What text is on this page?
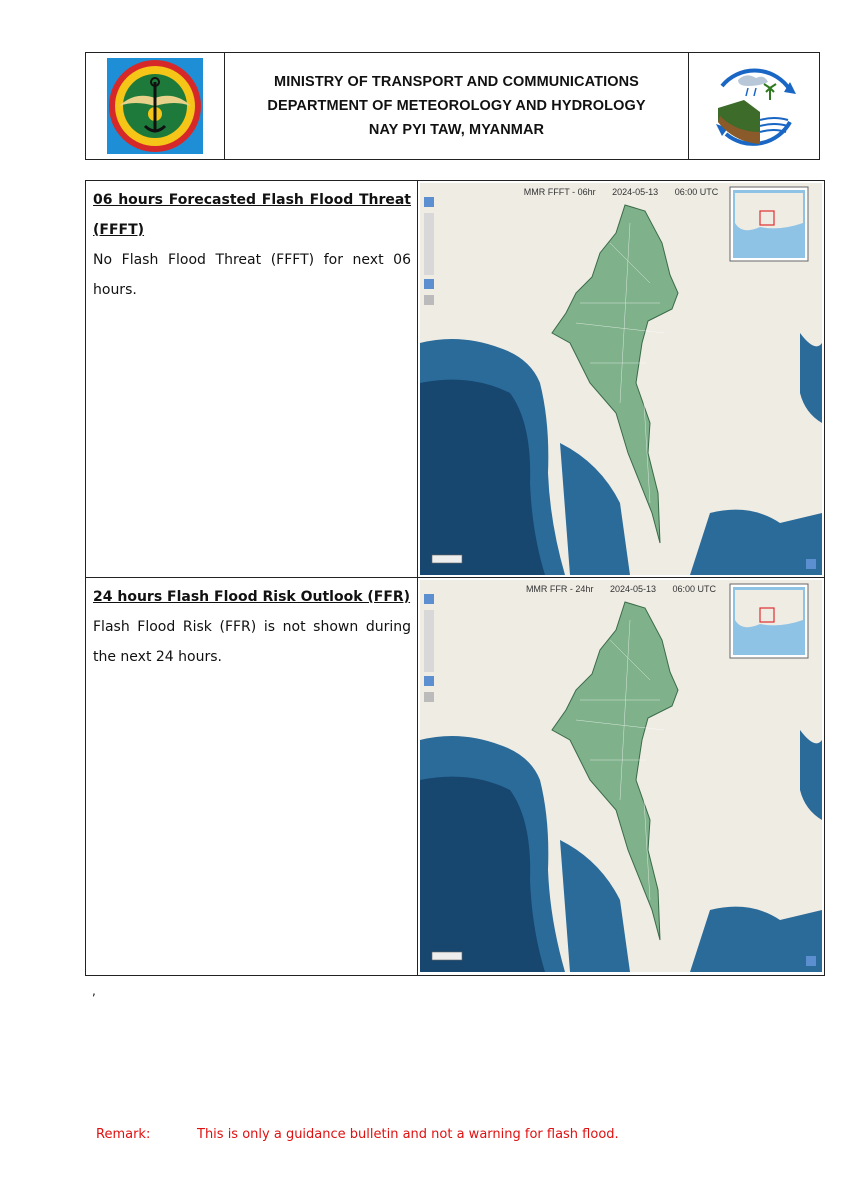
MINISTRY OF TRANSPORT AND COMMUNICATIONS
DEPARTMENT OF METEOROLOGY AND HYDROLOGY
NAY PYI TAW, MYANMAR
06 hours Forecasted Flash Flood Threat (FFFT)
No Flash Flood Threat (FFFT) for next 06 hours.
MMR FFFT - 06hr 2024-05-13 06:00 UTC
24 hours Flash Flood Risk Outlook (FFR)
Flash Flood Risk (FFR) is not shown during the next 24 hours.
MMR FFR - 24hr 2024-05-13 06:00 UTC
,
Remark:	This is only a guidance bulletin and not a warning for flash flood.
